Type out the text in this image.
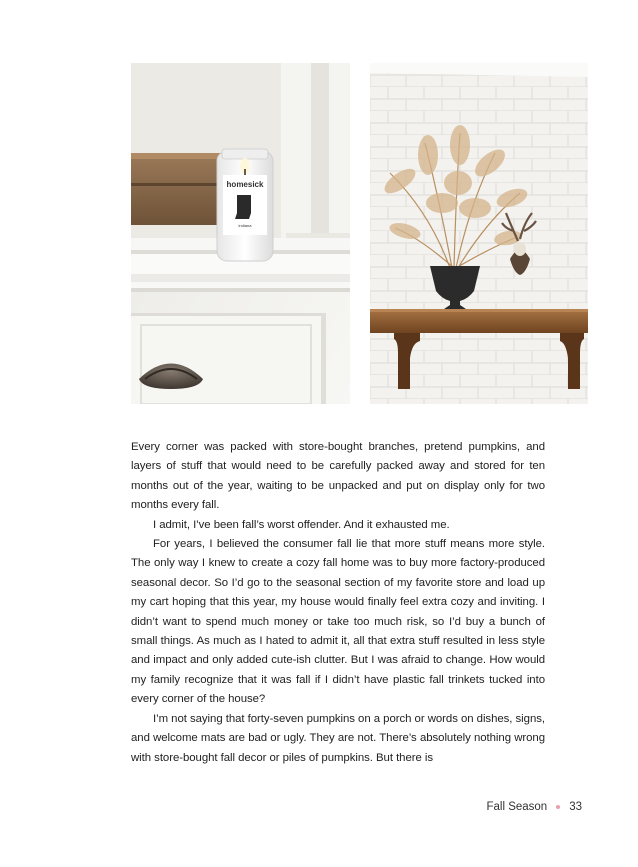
homesick
indiana

Every corner was packed with store-bought branches, pretend pumpkins, and layers of stuff that would need to be carefully packed away and stored for ten months out of the year, waiting to be unpacked and put on display only for two months every fall.

I admit, I’ve been fall’s worst offender. And it exhausted me.

For years, I believed the consumer fall lie that more stuff means more style. The only way I knew to create a cozy fall home was to buy more factory-produced seasonal decor. So I’d go to the seasonal section of my favorite store and load up my cart hoping that this year, my house would finally feel extra cozy and inviting. I didn’t want to spend much money or take too much risk, so I’d buy a bunch of small things. As much as I hated to admit it, all that extra stuff resulted in less style and impact and only added cute-ish clutter. But I was afraid to change. How would my family recognize that it was fall if I didn’t have plastic fall trinkets tucked into every corner of the house?

I’m not saying that forty-seven pumpkins on a porch or words on dishes, signs, and welcome mats are bad or ugly. They are not. There’s absolutely nothing wrong with store-bought fall decor or piles of pumpkins. But there is

Fall Season 33
